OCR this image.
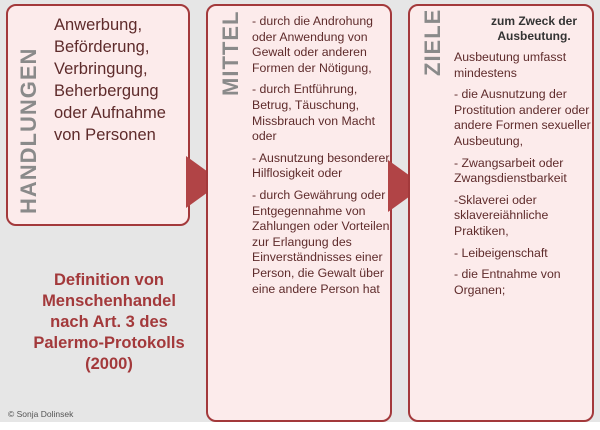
HANDLUNGEN
Anwerbung,
Beförderung,
Verbringung,
Beherbergung
oder Aufnahme
von Personen
MITTEL - durch die Androhung oder Anwendung von Gewalt oder anderen Formen der Nötigung,
- durch Entführung, Betrug, Täuschung, Missbrauch von Macht oder
- Ausnutzung besonderer Hilflosigkeit oder
- durch Gewährung oder Entgegennahme von Zahlungen oder Vorteilen zur Erlangung des Einverständnisses einer Person, die Gewalt über eine andere Person hat
ZIELE	zum Zweck der Ausbeutung.
Ausbeutung umfasst mindestens
- die Ausnutzung der Prostitution anderer oder andere Formen sexueller Ausbeutung,
- Zwangsarbeit oder Zwangsdienstbarkeit
-Sklaverei oder sklavereiähnliche Praktiken,
- Leibeigenschaft
- die Entnahme von Organen;
Definition von
Menschenhandel
nach Art. 3 des
Palermo-Protokolls
(2000)
© Sonja Dolinsek
